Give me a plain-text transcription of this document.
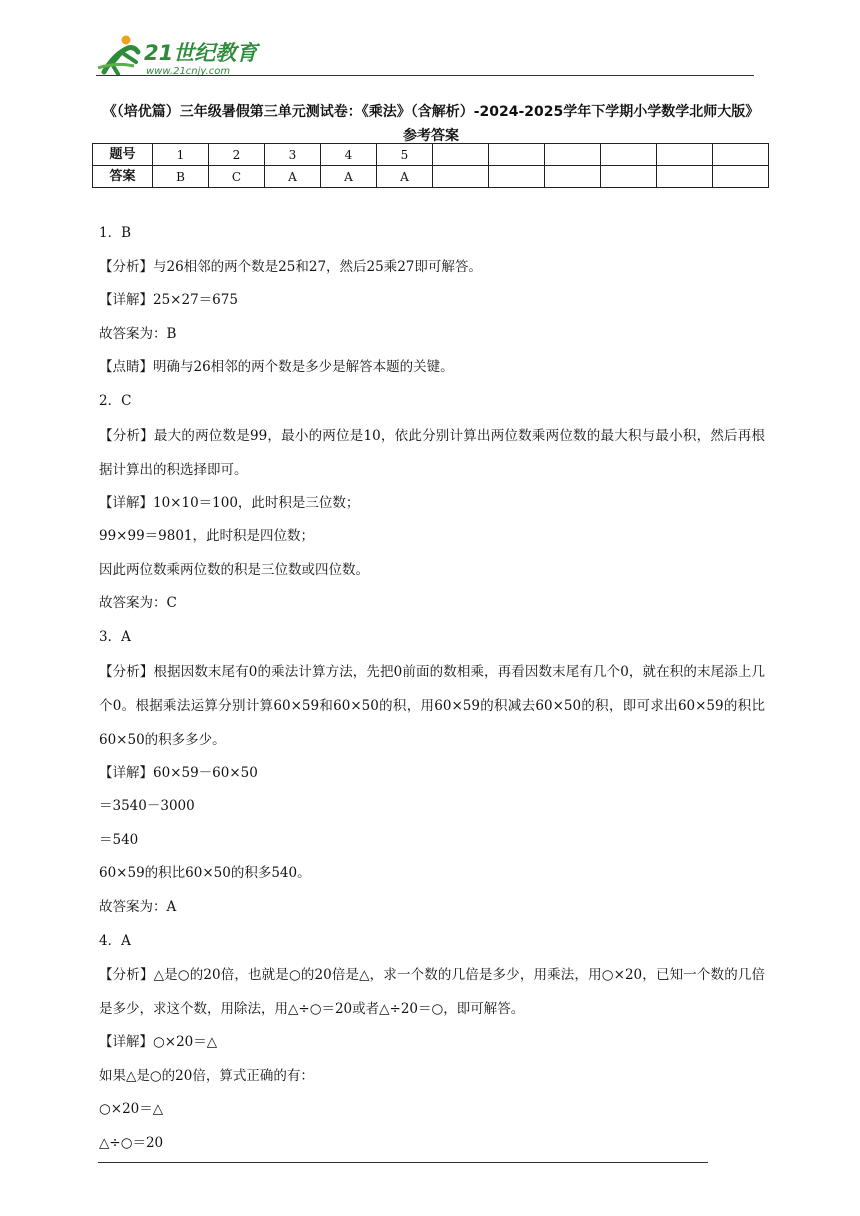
21世纪教育
www.21cnjy.com
《（培优篇）三年级暑假第三单元测试卷：《乘法》（含解析）-2024-2025学年下学期小学数学北师大版》参考答案
题号	1	2	3	4	5						
答案	B	C	A	A	A						

1．B

【分析】与26相邻的两个数是25和27，然后25乘27即可解答。

【详解】25×27＝675

故答案为：B

【点睛】明确与26相邻的两个数是多少是解答本题的关键。

2．C

【分析】最大的两位数是99，最小的两位是10，依此分别计算出两位数乘两位数的最大积与最小积，然后再根据计算出的积选择即可。

【详解】10×10＝100，此时积是三位数；

99×99＝9801，此时积是四位数；

因此两位数乘两位数的积是三位数或四位数。

故答案为：C

3．A

【分析】根据因数末尾有0的乘法计算方法，先把0前面的数相乘，再看因数末尾有几个0，就在积的末尾添上几个0。根据乘法运算分别计算60×59和60×50的积，用60×59的积减去60×50的积，即可求出60×59的积比60×50的积多多少。

【详解】60×59－60×50

＝3540－3000

＝540

60×59的积比60×50的积多540。

故答案为：A

4．A

【分析】△是○的20倍，也就是○的20倍是△，求一个数的几倍是多少，用乘法，用○×20，已知一个数的几倍是多少，求这个数，用除法，用△÷○＝20或者△÷20＝○，即可解答。

【详解】○×20＝△

如果△是○的20倍，算式正确的有：

○×20＝△

△÷○＝20
